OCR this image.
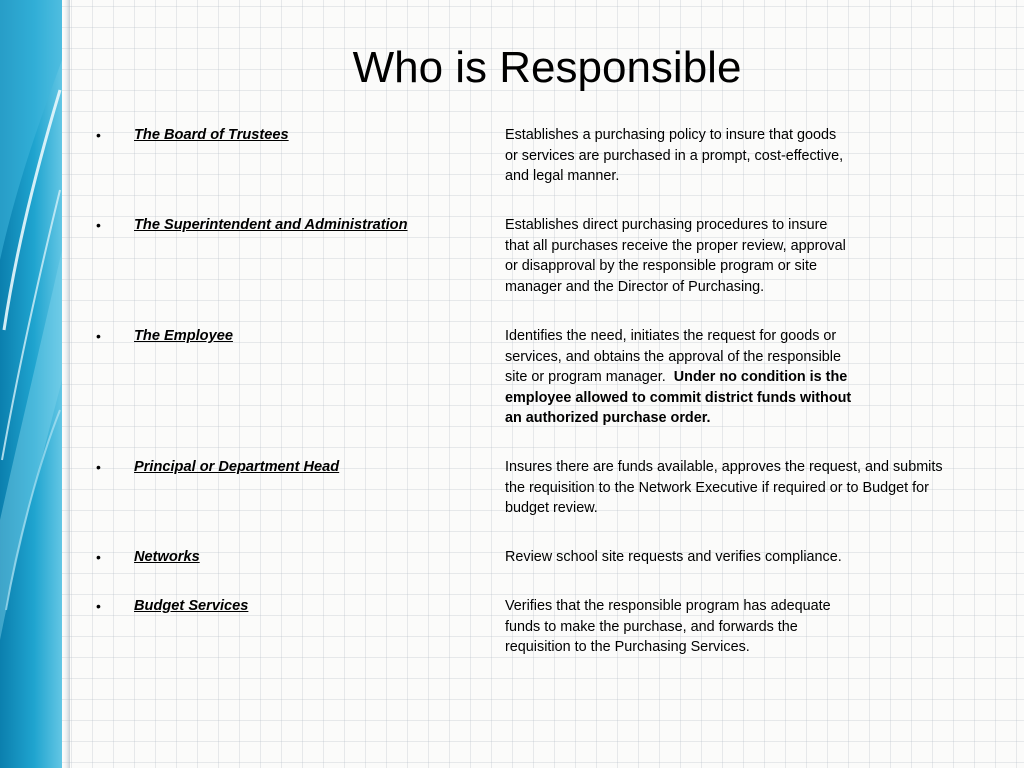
Who is Responsible
• The Board of Trustees	Establishes a purchasing policy to insure that goods
or services are purchased in a prompt, cost-effective,
and legal manner.

• The Superintendent and Administration	Establishes direct purchasing procedures to insure
that all purchases receive the proper review, approval
or disapproval by the responsible program or site
manager and the Director of Purchasing.

• The Employee	Identifies the need, initiates the request for goods or
services, and obtains the approval of the responsible
site or program manager. Under no condition is the
employee allowed to commit district funds without
an authorized purchase order.

• Principal or Department Head	Insures there are funds available, approves the request, and submits
the requisition to the Network Executive if required or to Budget for
budget review.

• Networks	Review school site requests and verifies compliance.

• Budget Services	Verifies that the responsible program has adequate
funds to make the purchase, and forwards the
requisition to the Purchasing Services.
